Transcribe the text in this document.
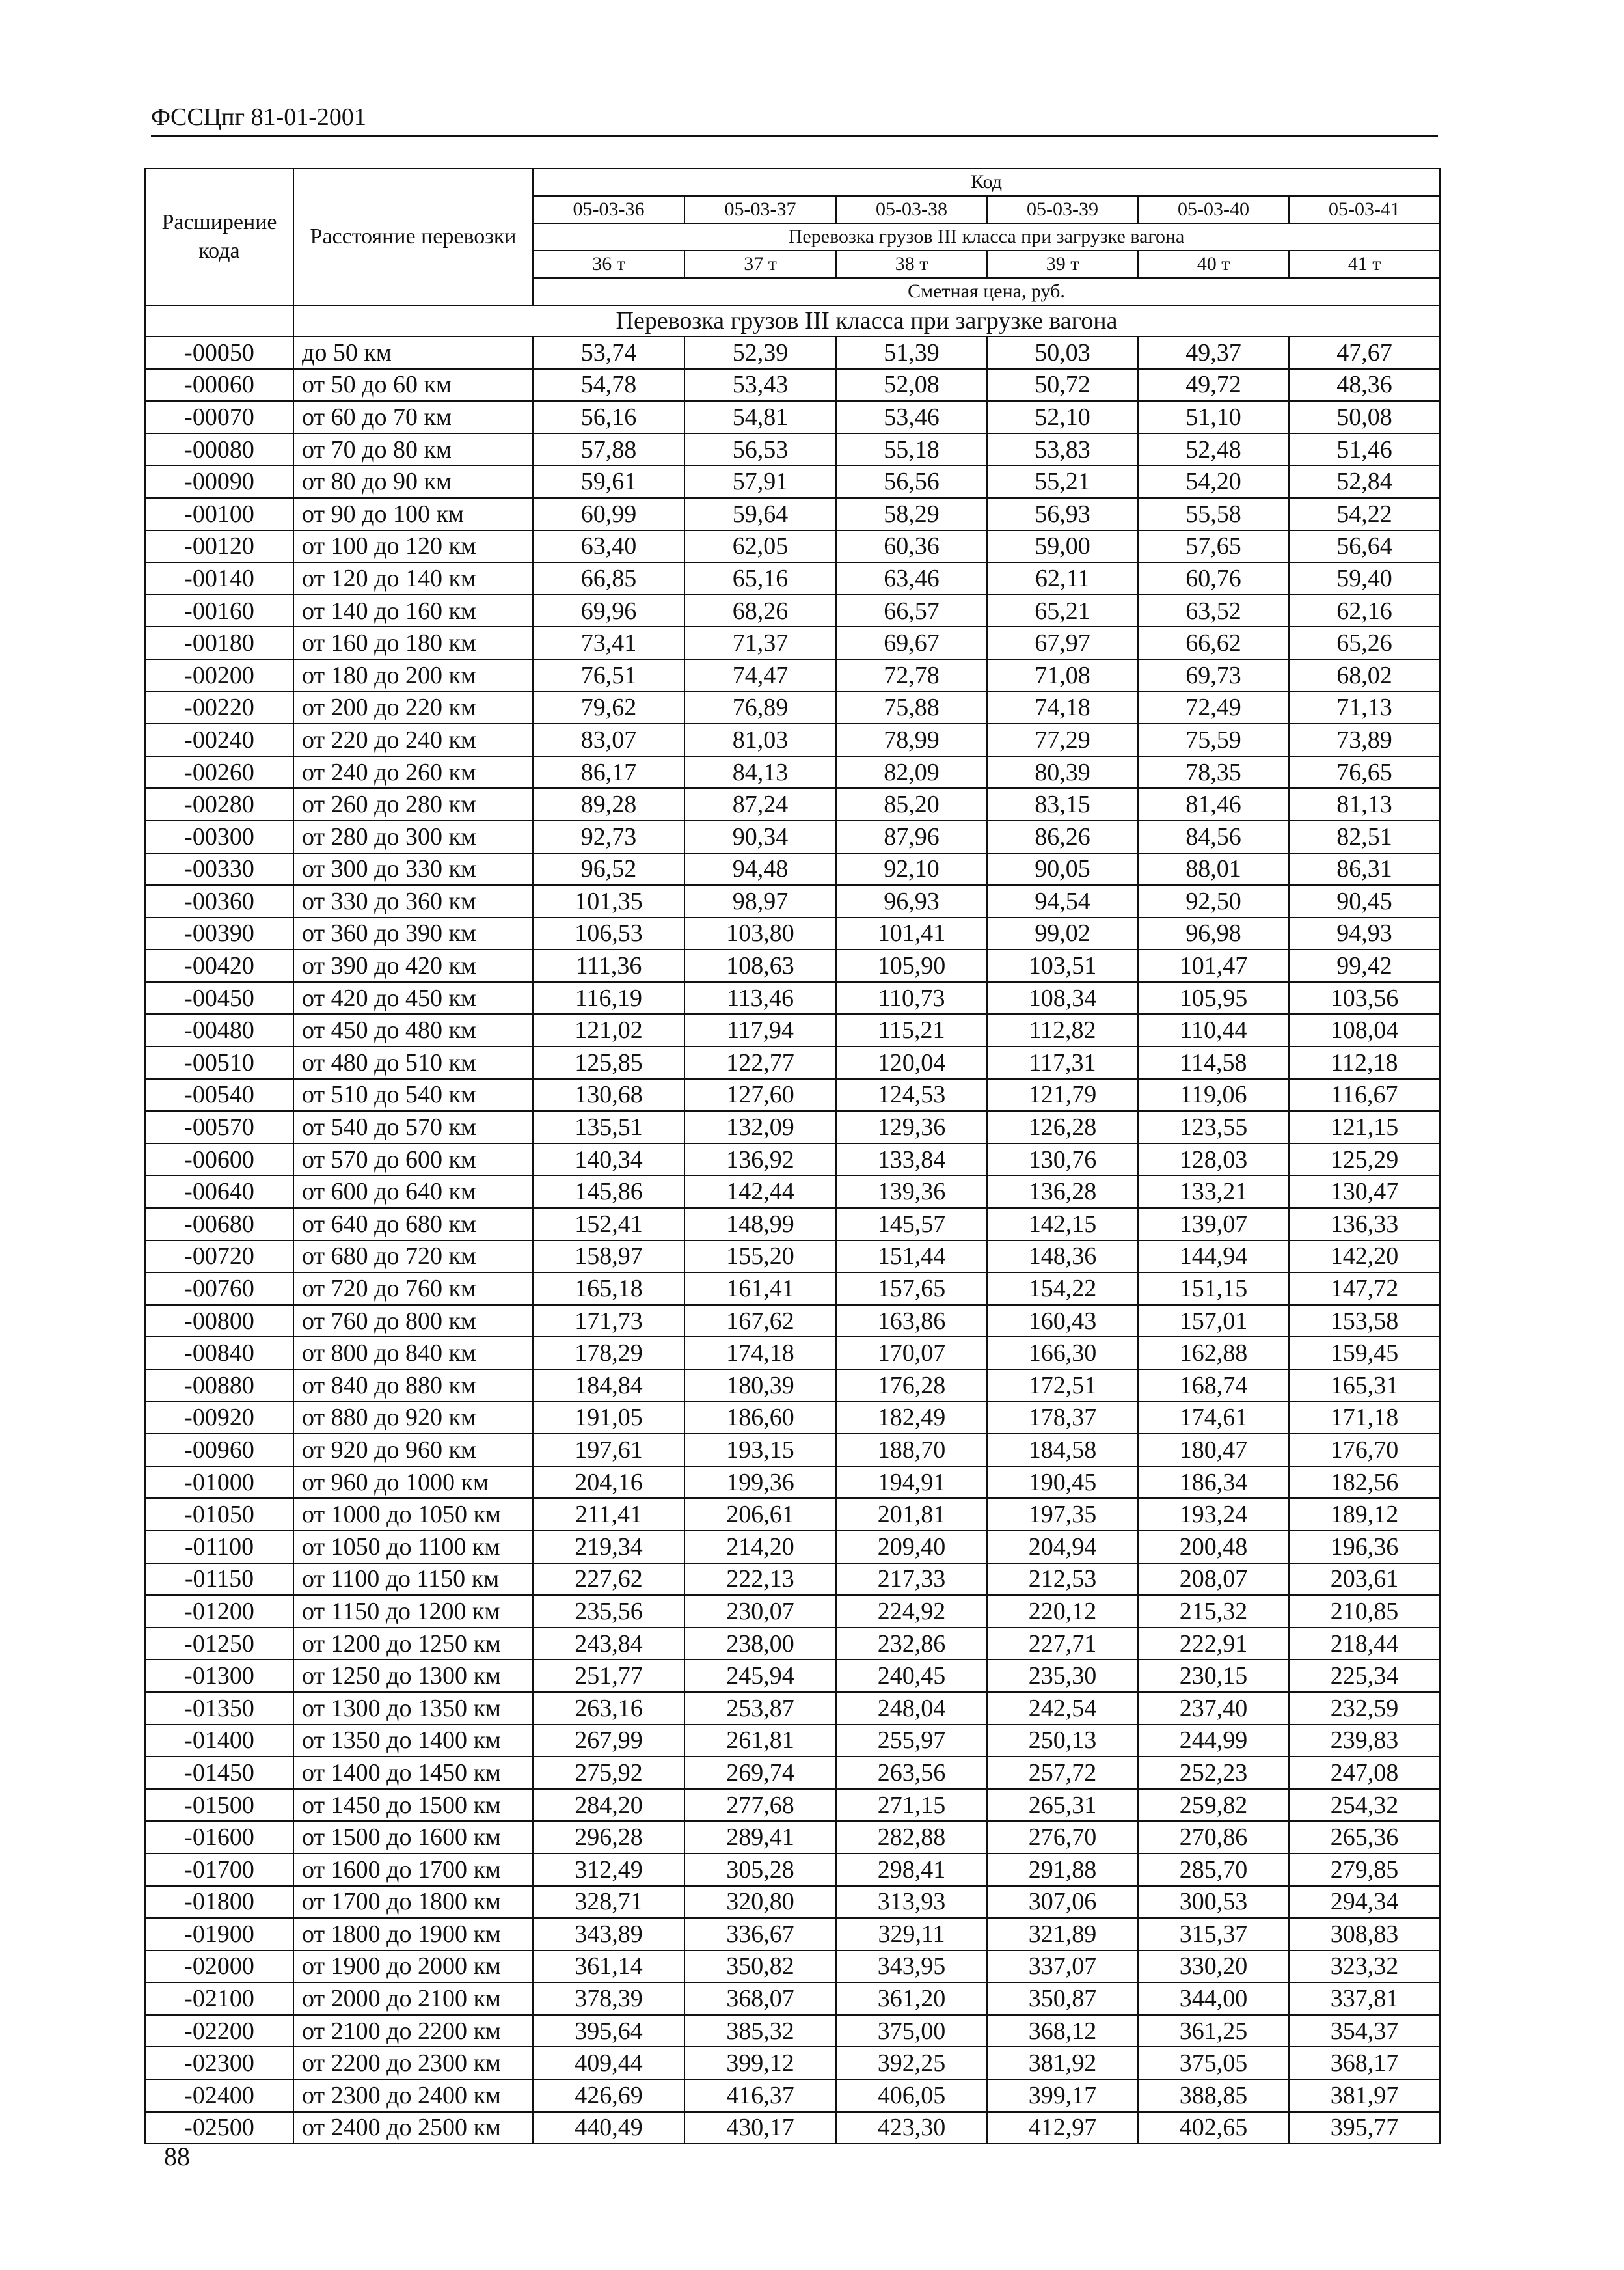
ФССЦпг 81-01-2001
Расширение кода	Расстояние перевозки	Код					
		05-03-36	05-03-37	05-03-38	05-03-39	05-03-40	05-03-41
		Перевозка грузов III класса при загрузке вагона					
		36 т	37 т	38 т	39 т	40 т	41 т
		Сметная цена, руб.					
	Перевозка грузов III класса при загрузке вагона						
-00050	до 50 км	53,74	52,39	51,39	50,03	49,37	47,67
-00060	от 50 до 60 км	54,78	53,43	52,08	50,72	49,72	48,36
-00070	от 60 до 70 км	56,16	54,81	53,46	52,10	51,10	50,08
-00080	от 70 до 80 км	57,88	56,53	55,18	53,83	52,48	51,46
-00090	от 80 до 90 км	59,61	57,91	56,56	55,21	54,20	52,84
-00100	от 90 до 100 км	60,99	59,64	58,29	56,93	55,58	54,22
-00120	от 100 до 120 км	63,40	62,05	60,36	59,00	57,65	56,64
-00140	от 120 до 140 км	66,85	65,16	63,46	62,11	60,76	59,40
-00160	от 140 до 160 км	69,96	68,26	66,57	65,21	63,52	62,16
-00180	от 160 до 180 км	73,41	71,37	69,67	67,97	66,62	65,26
-00200	от 180 до 200 км	76,51	74,47	72,78	71,08	69,73	68,02
-00220	от 200 до 220 км	79,62	76,89	75,88	74,18	72,49	71,13
-00240	от 220 до 240 км	83,07	81,03	78,99	77,29	75,59	73,89
-00260	от 240 до 260 км	86,17	84,13	82,09	80,39	78,35	76,65
-00280	от 260 до 280 км	89,28	87,24	85,20	83,15	81,46	81,13
-00300	от 280 до 300 км	92,73	90,34	87,96	86,26	84,56	82,51
-00330	от 300 до 330 км	96,52	94,48	92,10	90,05	88,01	86,31
-00360	от 330 до 360 км	101,35	98,97	96,93	94,54	92,50	90,45
-00390	от 360 до 390 км	106,53	103,80	101,41	99,02	96,98	94,93
-00420	от 390 до 420 км	111,36	108,63	105,90	103,51	101,47	99,42
-00450	от 420 до 450 км	116,19	113,46	110,73	108,34	105,95	103,56
-00480	от 450 до 480 км	121,02	117,94	115,21	112,82	110,44	108,04
-00510	от 480 до 510 км	125,85	122,77	120,04	117,31	114,58	112,18
-00540	от 510 до 540 км	130,68	127,60	124,53	121,79	119,06	116,67
-00570	от 540 до 570 км	135,51	132,09	129,36	126,28	123,55	121,15
-00600	от 570 до 600 км	140,34	136,92	133,84	130,76	128,03	125,29
-00640	от 600 до 640 км	145,86	142,44	139,36	136,28	133,21	130,47
-00680	от 640 до 680 км	152,41	148,99	145,57	142,15	139,07	136,33
-00720	от 680 до 720 км	158,97	155,20	151,44	148,36	144,94	142,20
-00760	от 720 до 760 км	165,18	161,41	157,65	154,22	151,15	147,72
-00800	от 760 до 800 км	171,73	167,62	163,86	160,43	157,01	153,58
-00840	от 800 до 840 км	178,29	174,18	170,07	166,30	162,88	159,45
-00880	от 840 до 880 км	184,84	180,39	176,28	172,51	168,74	165,31
-00920	от 880 до 920 км	191,05	186,60	182,49	178,37	174,61	171,18
-00960	от 920 до 960 км	197,61	193,15	188,70	184,58	180,47	176,70
-01000	от 960 до 1000 км	204,16	199,36	194,91	190,45	186,34	182,56
-01050	от 1000 до 1050 км	211,41	206,61	201,81	197,35	193,24	189,12
-01100	от 1050 до 1100 км	219,34	214,20	209,40	204,94	200,48	196,36
-01150	от 1100 до 1150 км	227,62	222,13	217,33	212,53	208,07	203,61
-01200	от 1150 до 1200 км	235,56	230,07	224,92	220,12	215,32	210,85
-01250	от 1200 до 1250 км	243,84	238,00	232,86	227,71	222,91	218,44
-01300	от 1250 до 1300 км	251,77	245,94	240,45	235,30	230,15	225,34
-01350	от 1300 до 1350 км	263,16	253,87	248,04	242,54	237,40	232,59
-01400	от 1350 до 1400 км	267,99	261,81	255,97	250,13	244,99	239,83
-01450	от 1400 до 1450 км	275,92	269,74	263,56	257,72	252,23	247,08
-01500	от 1450 до 1500 км	284,20	277,68	271,15	265,31	259,82	254,32
-01600	от 1500 до 1600 км	296,28	289,41	282,88	276,70	270,86	265,36
-01700	от 1600 до 1700 км	312,49	305,28	298,41	291,88	285,70	279,85
-01800	от 1700 до 1800 км	328,71	320,80	313,93	307,06	300,53	294,34
-01900	от 1800 до 1900 км	343,89	336,67	329,11	321,89	315,37	308,83
-02000	от 1900 до 2000 км	361,14	350,82	343,95	337,07	330,20	323,32
-02100	от 2000 до 2100 км	378,39	368,07	361,20	350,87	344,00	337,81
-02200	от 2100 до 2200 км	395,64	385,32	375,00	368,12	361,25	354,37
-02300	от 2200 до 2300 км	409,44	399,12	392,25	381,92	375,05	368,17
-02400	от 2300 до 2400 км	426,69	416,37	406,05	399,17	388,85	381,97
-02500	от 2400 до 2500 км	440,49	430,17	423,30	412,97	402,65	395,77
88
